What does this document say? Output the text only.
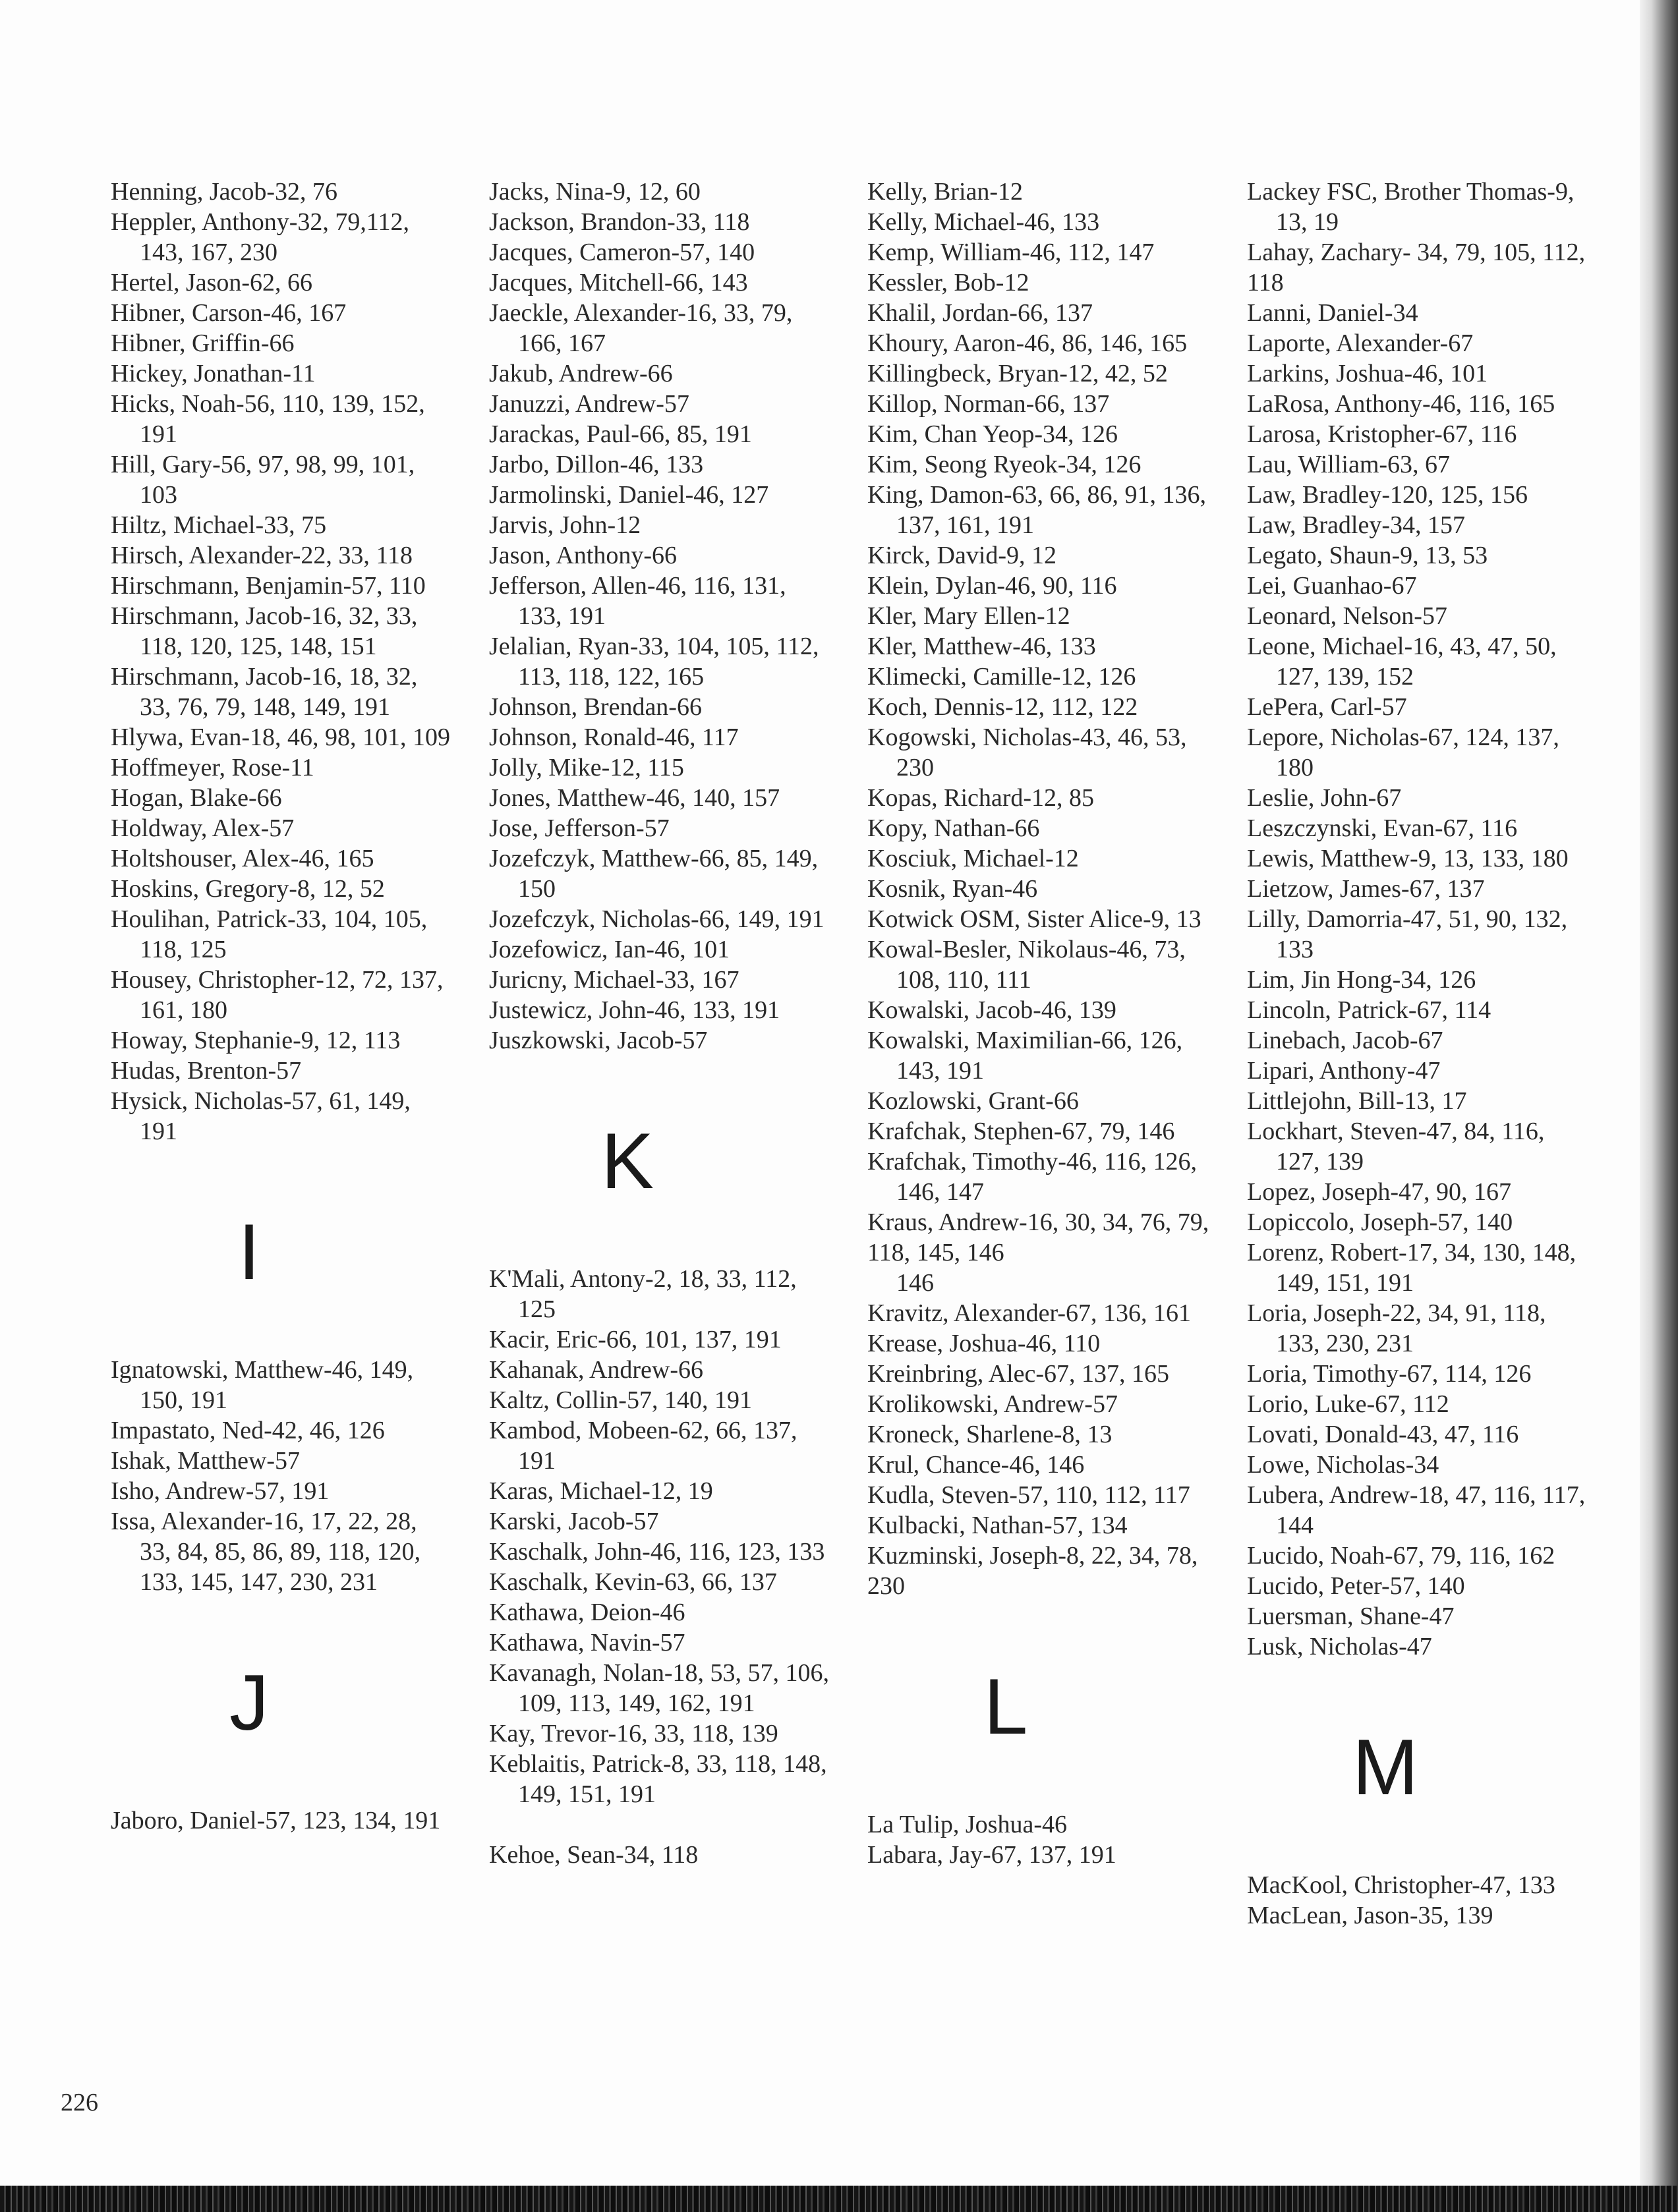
Henning, Jacob-32, 76

Heppler, Anthony-32, 79,112, 143, 167, 230

Hertel, Jason-62, 66

Hibner, Carson-46, 167

Hibner, Griffin-66

Hickey, Jonathan-11

Hicks, Noah-56, 110, 139, 152, 191

Hill, Gary-56, 97, 98, 99, 101, 103

Hiltz, Michael-33, 75

Hirsch, Alexander-22, 33, 118

Hirschmann, Benjamin-57, 110

Hirschmann, Jacob-16, 32, 33, 118, 120, 125, 148, 151

Hirschmann, Jacob-16, 18, 32, 33, 76, 79, 148, 149, 191

Hlywa, Evan-18, 46, 98, 101, 109

Hoffmeyer, Rose-11

Hogan, Blake-66

Holdway, Alex-57

Holtshouser, Alex-46, 165

Hoskins, Gregory-8, 12, 52

Houlihan, Patrick-33, 104, 105, 118, 125

Housey, Christopher-12, 72, 137, 161, 180

Howay, Stephanie-9, 12, 113

Hudas, Brenton-57

Hysick, Nicholas-57, 61, 149, 191

I

Ignatowski, Matthew-46, 149, 150, 191

Impastato, Ned-42, 46, 126

Ishak, Matthew-57

Isho, Andrew-57, 191

Issa, Alexander-16, 17, 22, 28, 33, 84, 85, 86, 89, 118, 120, 133, 145, 147, 230, 231

J

Jaboro, Daniel-57, 123, 134, 191

Jacks, Nina-9, 12, 60

Jackson, Brandon-33, 118

Jacques, Cameron-57, 140

Jacques, Mitchell-66, 143

Jaeckle, Alexander-16, 33, 79, 166, 167

Jakub, Andrew-66

Januzzi, Andrew-57

Jarackas, Paul-66, 85, 191

Jarbo, Dillon-46, 133

Jarmolinski, Daniel-46, 127

Jarvis, John-12

Jason, Anthony-66

Jefferson, Allen-46, 116, 131, 133, 191

Jelalian, Ryan-33, 104, 105, 112, 113, 118, 122, 165

Johnson, Brendan-66

Johnson, Ronald-46, 117

Jolly, Mike-12, 115

Jones, Matthew-46, 140, 157

Jose, Jefferson-57

Jozefczyk, Matthew-66, 85, 149, 150

Jozefczyk, Nicholas-66, 149, 191

Jozefowicz, Ian-46, 101

Juricny, Michael-33, 167

Justewicz, John-46, 133, 191

Juszkowski, Jacob-57

K

K'Mali, Antony-2, 18, 33, 112, 125

Kacir, Eric-66, 101, 137, 191

Kahanak, Andrew-66

Kaltz, Collin-57, 140, 191

Kambod, Mobeen-62, 66, 137, 191

Karas, Michael-12, 19

Karski, Jacob-57

Kaschalk, John-46, 116, 123, 133

Kaschalk, Kevin-63, 66, 137

Kathawa, Deion-46

Kathawa, Navin-57

Kavanagh, Nolan-18, 53, 57, 106, 109, 113, 149, 162, 191

Kay, Trevor-16, 33, 118, 139

Keblaitis, Patrick-8, 33, 118, 148, 149, 151, 191

Kehoe, Sean-34, 118

Kelly, Brian-12

Kelly, Michael-46, 133

Kemp, William-46, 112, 147

Kessler, Bob-12

Khalil, Jordan-66, 137

Khoury, Aaron-46, 86, 146, 165

Killingbeck, Bryan-12, 42, 52

Killop, Norman-66, 137

Kim, Chan Yeop-34, 126

Kim, Seong Ryeok-34, 126

King, Damon-63, 66, 86, 91, 136, 137, 161, 191

Kirck, David-9, 12

Klein, Dylan-46, 90, 116

Kler, Mary Ellen-12

Kler, Matthew-46, 133

Klimecki, Camille-12, 126

Koch, Dennis-12, 112, 122

Kogowski, Nicholas-43, 46, 53, 230

Kopas, Richard-12, 85

Kopy, Nathan-66

Kosciuk, Michael-12

Kosnik, Ryan-46

Kotwick OSM, Sister Alice-9, 13

Kowal-Besler, Nikolaus-46, 73, 108, 110, 111

Kowalski, Jacob-46, 139

Kowalski, Maximilian-66, 126, 143, 191

Kozlowski, Grant-66

Krafchak, Stephen-67, 79, 146

Krafchak, Timothy-46, 116, 126, 146, 147

Kraus, Andrew-16, 30, 34, 76, 79, 118, 145, 146

146

Kravitz, Alexander-67, 136, 161

Krease, Joshua-46, 110

Kreinbring, Alec-67, 137, 165

Krolikowski, Andrew-57

Kroneck, Sharlene-8, 13

Krul, Chance-46, 146

Kudla, Steven-57, 110, 112, 117

Kulbacki, Nathan-57, 134

Kuzminski, Joseph-8, 22, 34, 78, 230

L

La Tulip, Joshua-46

Labara, Jay-67, 137, 191

Lackey FSC, Brother Thomas-9, 13, 19

Lahay, Zachary- 34, 79, 105, 112, 118

Lanni, Daniel-34

Laporte, Alexander-67

Larkins, Joshua-46, 101

LaRosa, Anthony-46, 116, 165

Larosa, Kristopher-67, 116

Lau, William-63, 67

Law, Bradley-120, 125, 156

Law, Bradley-34, 157

Legato, Shaun-9, 13, 53

Lei, Guanhao-67

Leonard, Nelson-57

Leone, Michael-16, 43, 47, 50, 127, 139, 152

LePera, Carl-57

Lepore, Nicholas-67, 124, 137, 180

Leslie, John-67

Leszczynski, Evan-67, 116

Lewis, Matthew-9, 13, 133, 180

Lietzow, James-67, 137

Lilly, Damorria-47, 51, 90, 132, 133

Lim, Jin Hong-34, 126

Lincoln, Patrick-67, 114

Linebach, Jacob-67

Lipari, Anthony-47

Littlejohn, Bill-13, 17

Lockhart, Steven-47, 84, 116, 127, 139

Lopez, Joseph-47, 90, 167

Lopiccolo, Joseph-57, 140

Lorenz, Robert-17, 34, 130, 148, 149, 151, 191

Loria, Joseph-22, 34, 91, 118, 133, 230, 231

Loria, Timothy-67, 114, 126

Lorio, Luke-67, 112

Lovati, Donald-43, 47, 116

Lowe, Nicholas-34

Lubera, Andrew-18, 47, 116, 117, 144

Lucido, Noah-67, 79, 116, 162

Lucido, Peter-57, 140

Luersman, Shane-47

Lusk, Nicholas-47

M

MacKool, Christopher-47, 133

MacLean, Jason-35, 139

226
